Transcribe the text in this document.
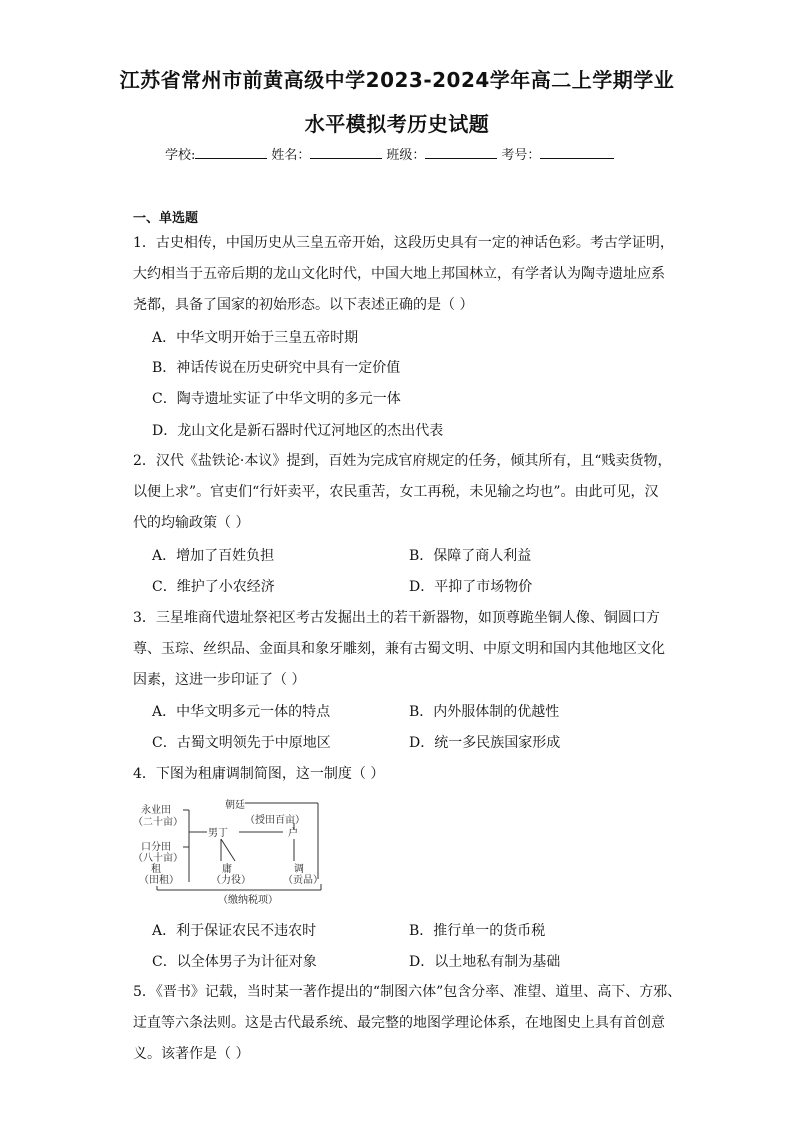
江苏省常州市前黄高级中学2023-2024学年高二上学期学业
水平模拟考历史试题
学校:	姓名：	班级：	考号：
一、单选题
1．古史相传，中国历史从三皇五帝开始，这段历史具有一定的神话色彩。考古学证明，
大约相当于五帝后期的龙山文化时代，中国大地上邦国林立，有学者认为陶寺遗址应系
尧都，具备了国家的初始形态。以下表述正确的是（ ）
A．中华文明开始于三皇五帝时期
B．神话传说在历史研究中具有一定价值
C．陶寺遗址实证了中华文明的多元一体
D．龙山文化是新石器时代辽河地区的杰出代表
2．汉代《盐铁论·本议》提到，百姓为完成官府规定的任务，倾其所有，且“贱卖货物，
以便上求”。官吏们“行奸卖平，农民重苦，女工再税，未见输之均也”。由此可见，汉
代的均输政策（ ）
A．增加了百姓负担	B．保障了商人利益
C．维护了小农经济	D．平抑了市场物价
3．三星堆商代遗址祭祀区考古发掘出土的若干新器物，如顶尊跪坐铜人像、铜圆口方
尊、玉琮、丝织品、金面具和象牙雕刻，兼有古蜀文明、中原文明和国内其他地区文化
因素，这进一步印证了（ ）
A．中华文明多元一体的特点	B．内外服体制的优越性
C．古蜀文明领先于中原地区	D．统一多民族国家形成
4．下图为租庸调制简图，这一制度（ ）
朝廷
（授田百亩）
永业田
（二十亩）
口分田
（八十亩）
男丁	户
租
（田租）
庸
（力役）
调
（贡品）
（缴纳税项）
A．利于保证农民不违农时	B．推行单一的货币税
C．以全体男子为计征对象	D．以土地私有制为基础
5．《晋书》记载，当时某一著作提出的“制图六体”包含分率、准望、道里、高下、方邪、
迂直等六条法则。这是古代最系统、最完整的地图学理论体系，在地图史上具有首创意
义。该著作是（ ）
